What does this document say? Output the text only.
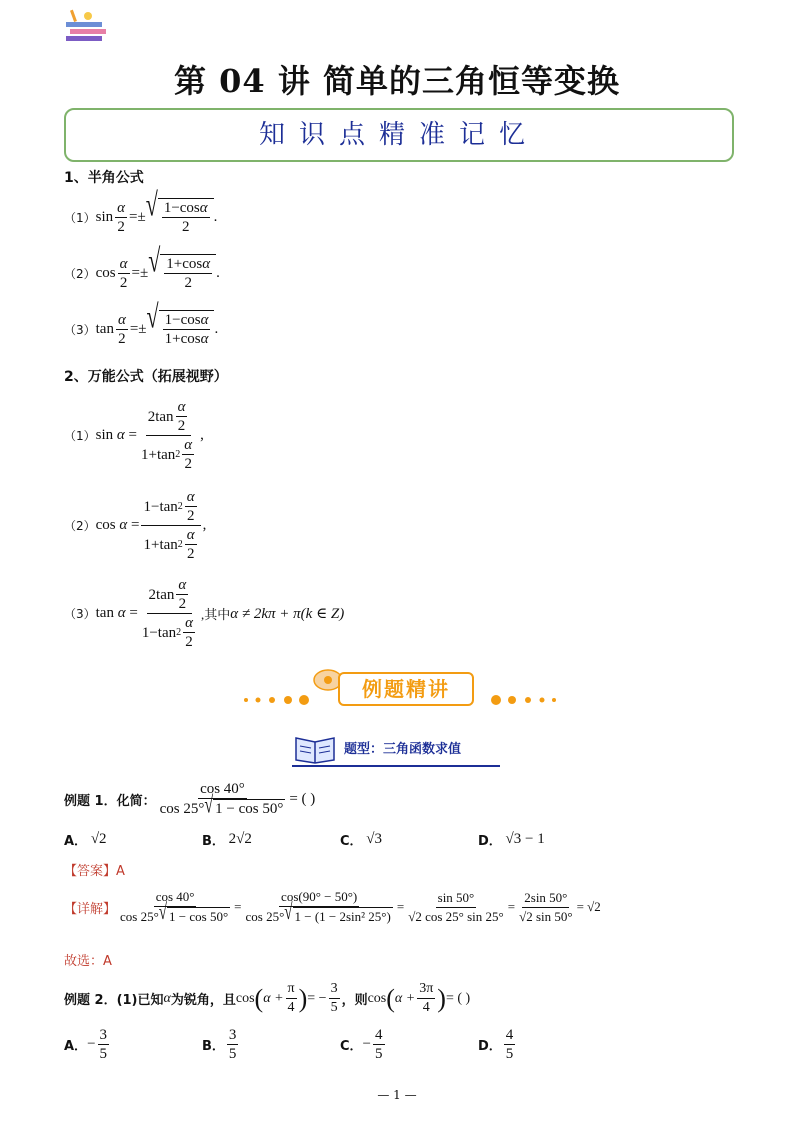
第 04 讲 简单的三角恒等变换
知识点精准记忆
1、半角公式
（1） $\sin \frac{\alpha}{2}$ =± √ $\frac{1-\cos\alpha}{2}$ .
（2） $\cos \frac{\alpha}{2}$ =± √ $\frac{1+\cos\alpha}{2}$ .
（3） $\tan \frac{\alpha}{2}$ =± √ $\frac{1-\cos\alpha}{1+\cos\alpha}$ .
2、万能公式（拓展视野）
（1） $\sin \alpha = \frac{2\tan \frac{\alpha}{2}}{1+\tan 2 \frac{\alpha}{2}}$ ,
（2） $\cos \alpha = \frac{1-\tan 2 \frac{\alpha}{2}}{1+\tan 2 \frac{\alpha}{2}}$ ,
（3） $\tan \alpha = \frac{2\tan \frac{\alpha}{2}}{1-\tan 2 \frac{\alpha}{2}}$ ,其中 α ≠ 2kπ + π(k ∈ Z)
例题精讲
题型：三角函数求值
例题 1．化简： $\frac{\cos 40^\circ}{\cos 25^\circ √ 1 - \cos 50^\circ}$ = ( )
A．
√2	B．
2√2	C．
√3	D．
√3 − 1
【答案】A
【详解】 $\frac{\cos 40^\circ}{\cos 25^\circ √ 1 - \cos 50^\circ} = \frac{\cos(90^\circ - 50^\circ)}{\text{cos 25° √ 1 − (1 − 2sin² 25°)}} = \frac{\sin 50^\circ}{√2 \cos 25^\circ \sin 25^\circ} = \frac{2\sin 50^\circ}{√2 \sin 50^\circ} = √2$
故选：A
例题 2．(1)已知 α 为锐角，且 cos ( $\alpha + \frac{\pi}{4}$ ) = − $\frac{3}{5}$ ，则 cos ( $\alpha + \frac{3\pi}{4}$ ) = ( )
A． − $\frac{3}{5}$	B． $\frac{3}{5}$	C． − $\frac{4}{5}$	D． $\frac{4}{5}$
— 1 —
